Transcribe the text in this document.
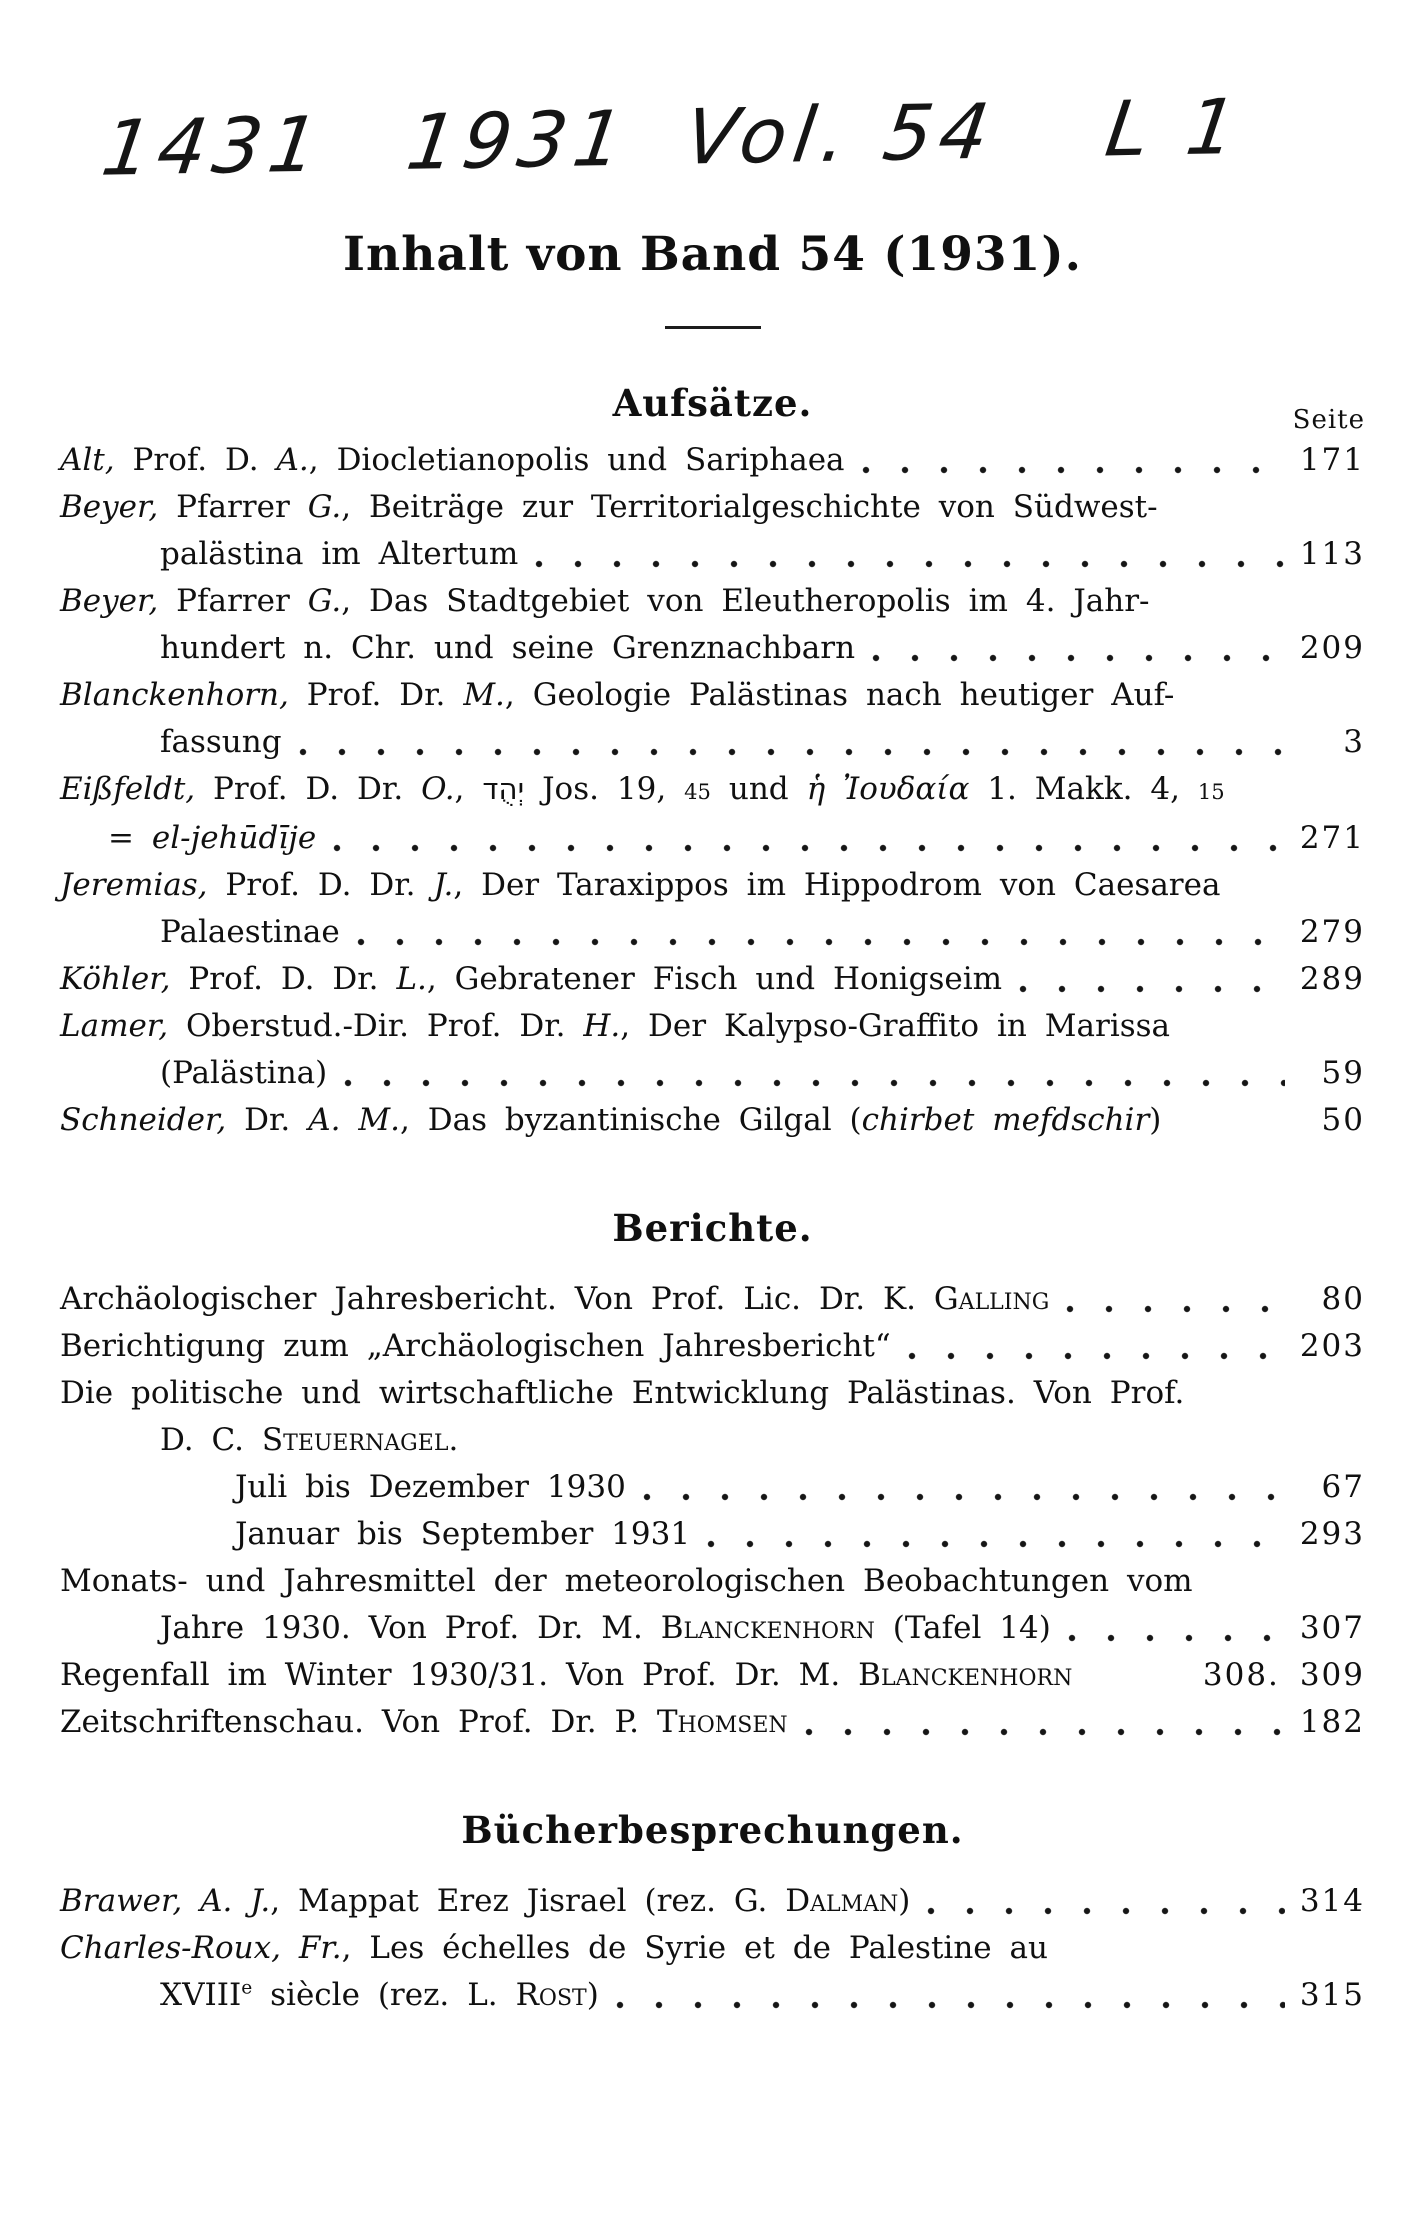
1431 1931 Vol. 54 L 1
Inhalt von Band 54 (1931).
Aufsätze.	Seite
Alt, Prof. D. A., Diocletianopolis und Sariphaea	171
Beyer, Pfarrer G., Beiträge zur Territorialgeschichte von Südwest-
palästina im Altertum	113
Beyer, Pfarrer G., Das Stadtgebiet von Eleutheropolis im 4. Jahr-
hundert n. Chr. und seine Grenznachbarn	209
Blanckenhorn, Prof. Dr. M., Geologie Palästinas nach heutiger Auf-
fassung	3
Eißfeldt, Prof. D. Dr. O., יְהֻד Jos. 19, 45 und ἡ Ἰουδαία 1. Makk. 4, 15
= el-jehūdīje	271
Jeremias, Prof. D. Dr. J., Der Taraxippos im Hippodrom von Caesarea
Palaestinae	279
Köhler, Prof. D. Dr. L., Gebratener Fisch und Honigseim	289
Lamer, Oberstud.-Dir. Prof. Dr. H., Der Kalypso-Graffito in Marissa
(Palästina)	59
Schneider, Dr. A. M., Das byzantinische Gilgal (chirbet mefdschir)	50
Berichte.
Archäologischer Jahresbericht. Von Prof. Lic. Dr. K. Galling	80
Berichtigung zum „Archäologischen Jahresbericht“	203
Die politische und wirtschaftliche Entwicklung Palästinas. Von Prof.
D. C. Steuernagel.
Juli bis Dezember 1930	67
Januar bis September 1931	293
Monats- und Jahresmittel der meteorologischen Beobachtungen vom
Jahre 1930. Von Prof. Dr. M. Blanckenhorn (Tafel 14)	307
Regenfall im Winter 1930/31. Von Prof. Dr. M. Blanckenhorn	308. 309
Zeitschriftenschau. Von Prof. Dr. P. Thomsen	182
Bücherbesprechungen.
Brawer, A. J., Mappat Erez Jisrael (rez. G. Dalman)	314
Charles-Roux, Fr., Les échelles de Syrie et de Palestine au
XVIIIe siècle (rez. L. Rost)	315
